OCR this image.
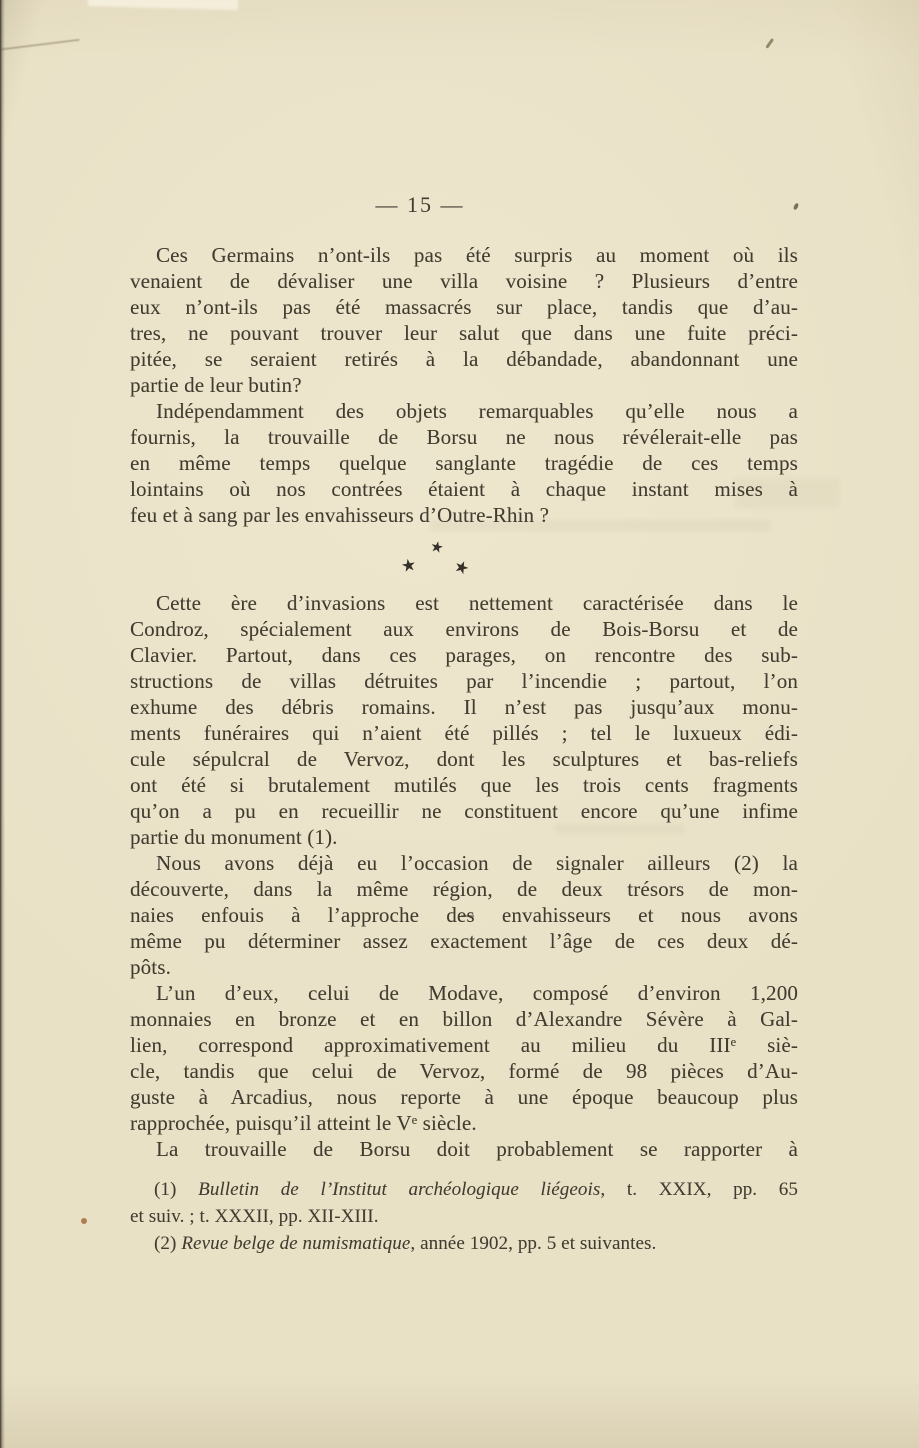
— 15 —
Ces Germains n’ont-ils pas été surpris au moment où ils
venaient de dévaliser une villa voisine ? Plusieurs d’entre
eux n’ont-ils pas été massacrés sur place, tandis que d’au-
tres, ne pouvant trouver leur salut que dans une fuite préci-
pitée, se seraient retirés à la débandade, abandonnant une
partie de leur butin?
Indépendamment des objets remarquables qu’elle nous a
fournis, la trouvaille de Borsu ne nous révélerait-elle pas
en même temps quelque sanglante tragédie de ces temps
lointains où nos contrées étaient à chaque instant mises à
feu et à sang par les envahisseurs d’Outre-Rhin ?
★
★ ★
Cette ère d’invasions est nettement caractérisée dans le
Condroz, spécialement aux environs de Bois-Borsu et de
Clavier. Partout, dans ces parages, on rencontre des sub-
structions de villas détruites par l’incendie ; partout, l’on
exhume des débris romains. Il n’est pas jusqu’aux monu-
ments funéraires qui n’aient été pillés ; tel le luxueux édi-
cule sépulcral de Vervoz, dont les sculptures et bas-reliefs
ont été si brutalement mutilés que les trois cents fragments
qu’on a pu en recueillir ne constituent encore qu’une infime
partie du monument (1).
Nous avons déjà eu l’occasion de signaler ailleurs (2) la
découverte, dans la même région, de deux trésors de mon-
naies enfouis à l’approche des envahisseurs et nous avons
même pu déterminer assez exactement l’âge de ces deux dé-
pôts.
L’un d’eux, celui de Modave, composé d’environ 1,200
monnaies en bronze et en billon d’Alexandre Sévère à Gal-
lien, correspond approximativement au milieu du IIIᵉ siè-
cle, tandis que celui de Vervoz, formé de 98 pièces d’Au-
guste à Arcadius, nous reporte à une époque beaucoup plus
rapprochée, puisqu’il atteint le Vᵉ siècle.
La trouvaille de Borsu doit probablement se rapporter à
(1) Bulletin de l’Institut archéologique liégeois, t. XXIX, pp. 65
et suiv. ; t. XXXII, pp. XII-XIII.
(2) Revue belge de numismatique, année 1902, pp. 5 et suivantes.
